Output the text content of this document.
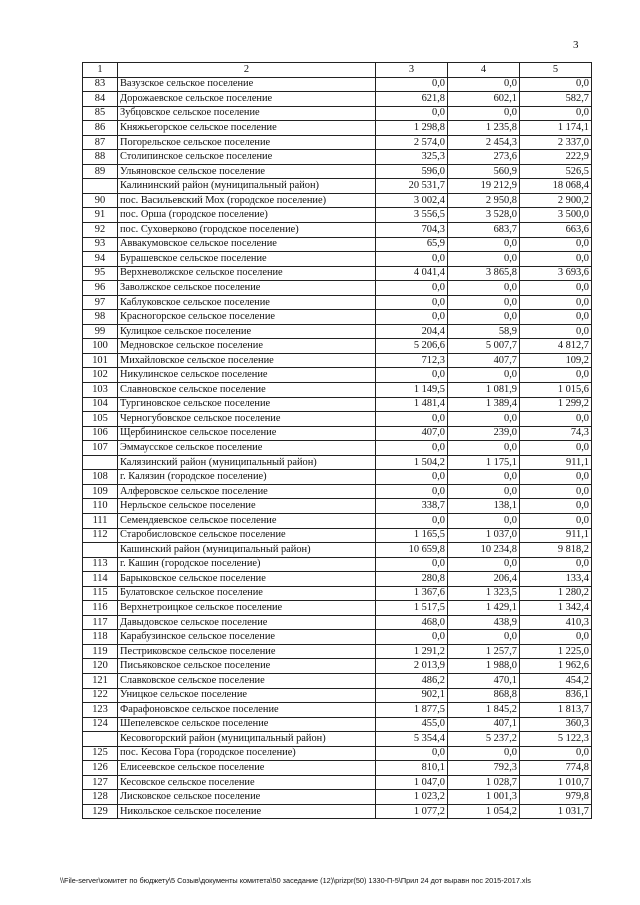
3
1	2	3	4	5
83	Вазузское сельское поселение	0,0	0,0	0,0
84	Дорожаевское сельское поселение	621,8	602,1	582,7
85	Зубцовское сельское поселение	0,0	0,0	0,0
86	Княжьегорское сельское поселение	1 298,8	1 235,8	1 174,1
87	Погорельское сельское поселение	2 574,0	2 454,3	2 337,0
88	Столипинское сельское поселение	325,3	273,6	222,9
89	Ульяновское сельское поселение	596,0	560,9	526,5
	Калининский район (муниципальный район)	20 531,7	19 212,9	18 068,4
90	пос. Васильевский Мох (городское поселение)	3 002,4	2 950,8	2 900,2
91	пос. Орша (городское поселение)	3 556,5	3 528,0	3 500,0
92	пос. Суховерково (городское поселение)	704,3	683,7	663,6
93	Аввакумовское сельское поселение	65,9	0,0	0,0
94	Бурашевское сельское поселение	0,0	0,0	0,0
95	Верхневолжское сельское поселение	4 041,4	3 865,8	3 693,6
96	Заволжское сельское поселение	0,0	0,0	0,0
97	Каблуковское сельское поселение	0,0	0,0	0,0
98	Красногорское сельское поселение	0,0	0,0	0,0
99	Кулицкое сельское поселение	204,4	58,9	0,0
100	Медновское сельское поселение	5 206,6	5 007,7	4 812,7
101	Михайловское сельское поселение	712,3	407,7	109,2
102	Никулинское сельское поселение	0,0	0,0	0,0
103	Славновское сельское поселение	1 149,5	1 081,9	1 015,6
104	Тургиновское сельское поселение	1 481,4	1 389,4	1 299,2
105	Черногубовское сельское поселение	0,0	0,0	0,0
106	Щербининское сельское поселение	407,0	239,0	74,3
107	Эммаусское сельское поселение	0,0	0,0	0,0
	Калязинский район (муниципальный район)	1 504,2	1 175,1	911,1
108	г. Калязин (городское поселение)	0,0	0,0	0,0
109	Алферовское сельское поселение	0,0	0,0	0,0
110	Нерльское сельское поселение	338,7	138,1	0,0
111	Семендяевское сельское поселение	0,0	0,0	0,0
112	Старобисловское сельское поселение	1 165,5	1 037,0	911,1
	Кашинский район (муниципальный район)	10 659,8	10 234,8	9 818,2
113	г. Кашин (городское поселение)	0,0	0,0	0,0
114	Барыковское сельское поселение	280,8	206,4	133,4
115	Булатовское сельское поселение	1 367,6	1 323,5	1 280,2
116	Верхнетроицкое сельское поселение	1 517,5	1 429,1	1 342,4
117	Давыдовское сельское поселение	468,0	438,9	410,3
118	Карабузинское сельское поселение	0,0	0,0	0,0
119	Пестриковское сельское поселение	1 291,2	1 257,7	1 225,0
120	Письяковское сельское поселение	2 013,9	1 988,0	1 962,6
121	Славковское сельское поселение	486,2	470,1	454,2
122	Уницкое сельское поселение	902,1	868,8	836,1
123	Фарафоновское сельское поселение	1 877,5	1 845,2	1 813,7
124	Шепелевское сельское поселение	455,0	407,1	360,3
	Кесовогорский район (муниципальный район)	5 354,4	5 237,2	5 122,3
125	пос. Кесова Гора (городское поселение)	0,0	0,0	0,0
126	Елисеевское сельское поселение	810,1	792,3	774,8
127	Кесовское сельское поселение	1 047,0	1 028,7	1 010,7
128	Лисковское сельское поселение	1 023,2	1 001,3	979,8
129	Никольское сельское поселение	1 077,2	1 054,2	1 031,7
\\File-server\комитет по бюджету\5 Созыв\документы комитета\50 заседание (12)\prizpr(50) 1330-П-5\Прил 24 дот выравн пос 2015-2017.xls
